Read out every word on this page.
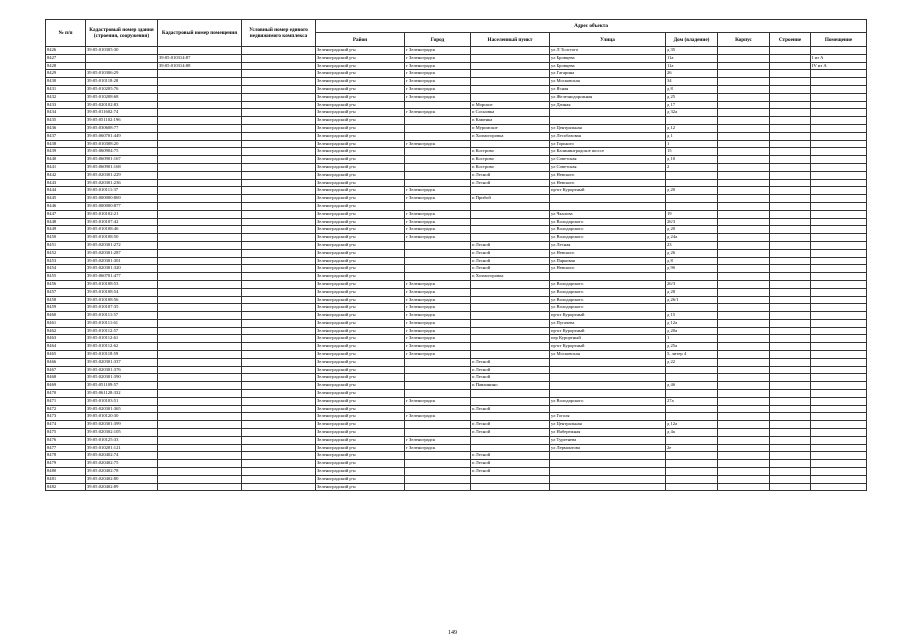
№ п/п	Кадастровый номер здания (строения, сооружения)	Кадастровый номер помещения	Условный номер единого недвижимого комплекса	Адрес объекта							
				Район	Город	Населенный пункт	Улица	Дом (владение)	Корпус	Строение	Помещение
8426	39:05:010305:30			Зеленоградский р-н	г Зеленоградск		ул Л Толстого	д 35			
8427		39:05:010314:87		Зеленоградский р-н	г Зеленоградск		ул Бровцева	11а			I из А
8428		39:05:010314:88		Зеленоградский р-н	г Зеленоградск		ул Бровцева	11а			IV из А
8429	39:05:010306:29			Зеленоградский р-н	г Зеленоградск		ул Гагарина	26			
8430	39:05:010118:28			Зеленоградский р-н	г Зеленоградск		ул Московская	34			
8431	39:05:010205:76			Зеленоградский р-н	г Зеленоградск		ул Ясная	д 8			
8432	39:05:010208:68			Зеленоградский р-н	г Зеленоградск		ул Железнодорожная	д 25			
8433	39:05:020102:83			Зеленоградский р-н		п Морское	ул Дачная	д 17			
8434	39:05:011602:74			Зеленоградский р-н	г Зеленоградск	п Сосновка		д 32а			
8435	39:05:051102:196			Зеленоградский р-н		п Каменка					
8436	39:05:030608:77			Зеленоградский р-н		п Муромское	ул Центральная	д 12			
8437	39:05:060701:449			Зеленоградский р-н		п Холмогоровка	ул Лесобазовая	д 1			
8438	39:05:010308:20			Зеленоградский р-н	г Зеленоградск		ул Горького	1			
8439	39:05:060904:75			Зеленоградский р-н		п Кострово	ул Калининградское шоссе	15			
8440	39:05:060901:167			Зеленоградский р-н		п Кострово	ул Советская	д 10			
8441	39:05:060901:168			Зеленоградский р-н		п Кострово	ул Советская	2			
8442	39:05:020301:229			Зеленоградский р-н		п Лесной	ул Невского				
8443	39:05:020301:236			Зеленоградский р-н		п Лесной	ул Невского				
8444	39:05:010111:37			Зеленоградский р-н	г Зеленоградск		пр-кт Курортный	д 20			
8445	39:05:000000:869			Зеленоградский р-н	г Зеленоградск	п Прибой					
8446	39:05:000000:877			Зеленоградский р-н							
8447	39:05:010102:21			Зеленоградский р-н	г Зеленоградск		ул Чкалова	19			
8448	39:05:010107:42			Зеленоградский р-н	г Зеленоградск		ул Володарского	26/3			
8449	39:05:010108:46			Зеленоградский р-н	г Зеленоградск		ул Володарского	д 20			
8450	39:05:010108:50			Зеленоградский р-н	г Зеленоградск		ул Володарского	д 24а			
8451	39:05:020301:272			Зеленоградский р-н		п Лесной	ул Лесная	23			
8452	39:05:020301:287			Зеленоградский р-н		п Лесной	ул Невского	д 26			
8453	39:05:020301:301			Зеленоградский р-н		п Лесной	ул Парковая	д 8			
8454	39:05:020301:320			Зеленоградский р-н		п Лесной	ул Невского	д 9б			
8455	39:05:060701:477			Зеленоградский р-н		п Холмогоровка					
8456	39:05:010108:53			Зеленоградский р-н	г Зеленоградск		ул Володарского	26/3			
8457	39:05:010108:54			Зеленоградский р-н	г Зеленоградск		ул Володарского	д 28			
8458	39:05:010108:56			Зеленоградский р-н	г Зеленоградск		ул Володарского	д 26/1			
8459	39:05:010107:35			Зеленоградский р-н	г Зеленоградск		ул Володарского				
8460	39:05:010111:57			Зеленоградский р-н	г Зеленоградск		пр-кт Курортный	д 15			
8461	39:05:010111:61			Зеленоградский р-н	г Зеленоградск		ул Пугачева	д 12а			
8462	39:05:010112:57			Зеленоградский р-н	г Зеленоградск		пр-кт Курортный	д 20а			
8463	39:05:010112:61			Зеленоградский р-н	г Зеленоградск		пер Курортный	1			
8464	39:05:010112:62			Зеленоградский р-н	г Зеленоградск		пр-кт Курортный	д 25а			
8465	39:05:010118:59			Зеленоградский р-н	г Зеленоградск		ул Московская	5, литер 4			
8466	39:05:020301:337			Зеленоградский р-н		п Лесной		д 22			
8467	39:05:020301:376			Зеленоградский р-н		п Лесной					
8468	39:05:020301:390			Зеленоградский р-н		п Лесной					
8469	39:05:051109:57			Зеленоградский р-н		п Павлинино		д 4б			
8470	39:05:061128:332			Зеленоградский р-н							
8471	39:05:010103:51			Зеленоградский р-н	г Зеленоградск		ул Володарского	27а			
8472	39:05:020301:365			Зеленоградский р-н		п Лесной					
8473	39:05:010120:30			Зеленоградский р-н	г Зеленоградск		ул Гоголя				
8474	39:05:020301:399			Зеленоградский р-н		п Лесной	ул Центральная	д 12а			
8475	39:05:020302:105			Зеленоградский р-н		п Лесной	ул Набережная	д 4а			
8476	39:05:010125:33			Зеленоградский р-н	г Зеленоградск		ул Тургенева				
8477	39:05:010201:121			Зеленоградский р-н	г Зеленоградск		ул Лермонтова	2е			
8478	39:05:020402:74			Зеленоградский р-н		п Лесной					
8479	39:05:020402:75			Зеленоградский р-н		п Лесной					
8480	39:05:020402:78			Зеленоградский р-н		п Лесной					
8481	39:05:020402:80			Зеленоградский р-н							
8482	39:05:020402:89			Зеленоградский р-н							
149
